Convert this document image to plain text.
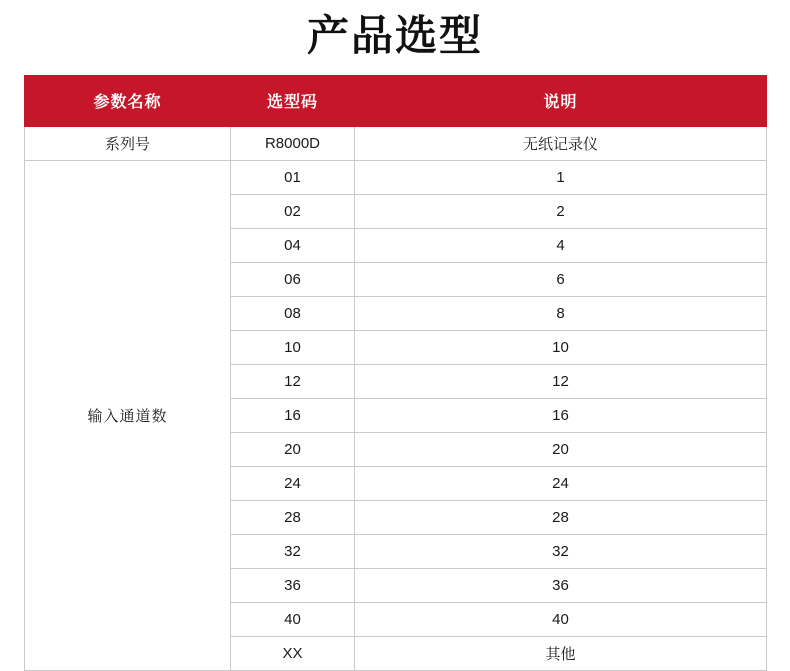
产品选型
参数名称	选型码	说明
系列号	R8000D	无纸记录仪
输入通道数	01	1
	02	2
	04	4
	06	6
	08	8
	10	10
	12	12
	16	16
	20	20
	24	24
	28	28
	32	32
	36	36
	40	40
	XX	其他
